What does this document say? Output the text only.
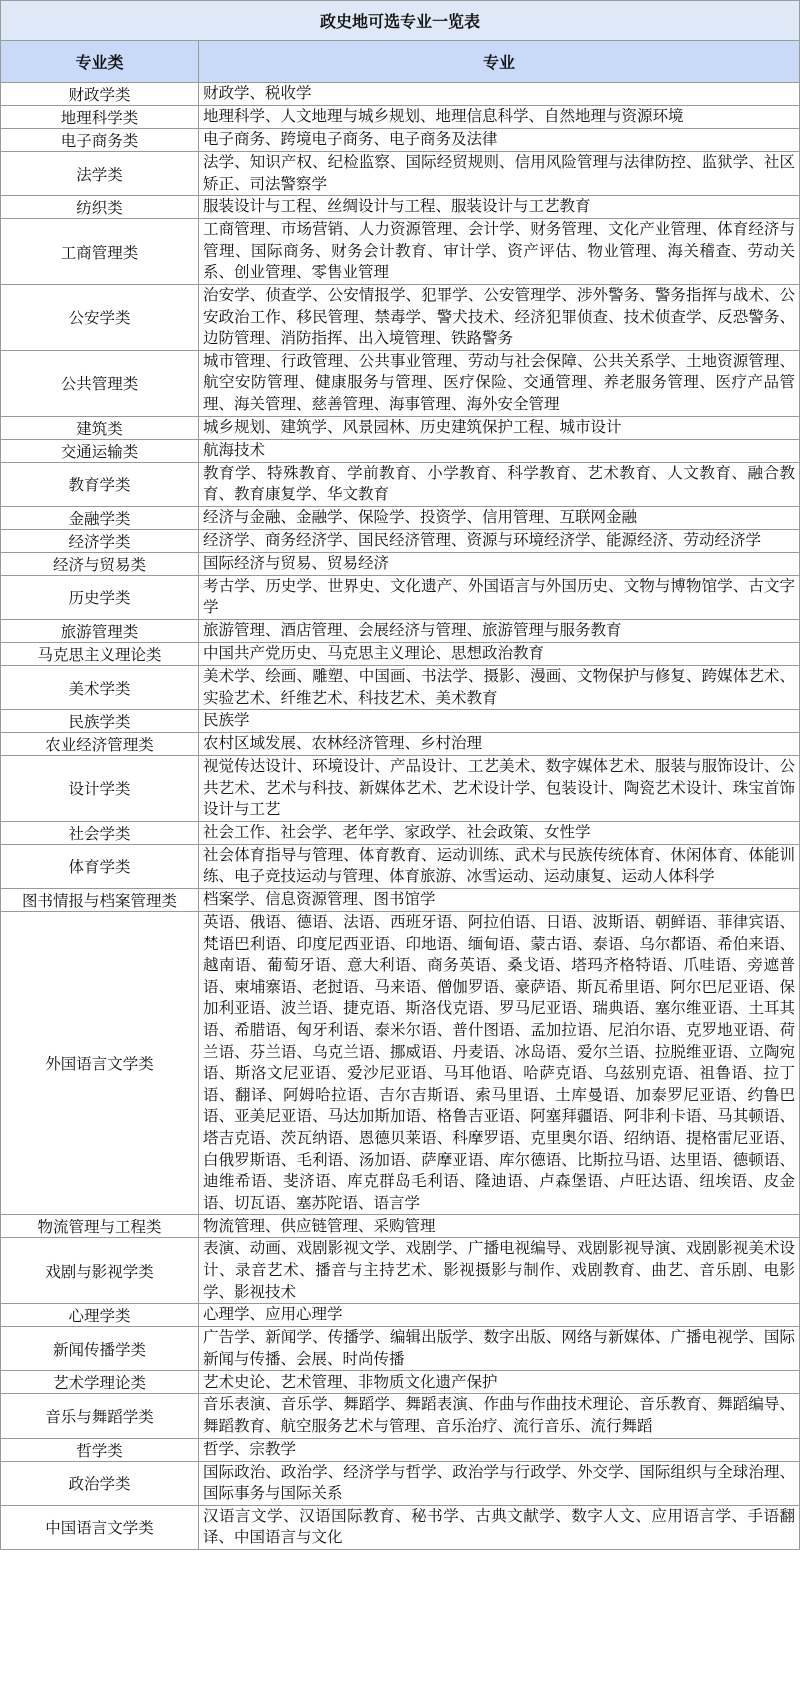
政史地可选专业一览表	
专业类	专业
财政学类	财政学、税收学
地理科学类	地理科学、人文地理与城乡规划、地理信息科学、自然地理与资源环境
电子商务类	电子商务、跨境电子商务、电子商务及法律
法学类	法学、知识产权、纪检监察、国际经贸规则、信用风险管理与法律防控、监狱学、社区矫正、司法警察学
纺织类	服装设计与工程、丝绸设计与工程、服装设计与工艺教育
工商管理类	工商管理、市场营销、人力资源管理、会计学、财务管理、文化产业管理、体育经济与管理、国际商务、财务会计教育、审计学、资产评估、物业管理、海关稽查、劳动关系、创业管理、零售业管理
公安学类	治安学、侦查学、公安情报学、犯罪学、公安管理学、涉外警务、警务指挥与战术、公安政治工作、移民管理、禁毒学、警犬技术、经济犯罪侦查、技术侦查学、反恐警务、边防管理、消防指挥、出入境管理、铁路警务
公共管理类	城市管理、行政管理、公共事业管理、劳动与社会保障、公共关系学、土地资源管理、航空安防管理、健康服务与管理、医疗保险、交通管理、养老服务管理、医疗产品管理、海关管理、慈善管理、海事管理、海外安全管理
建筑类	城乡规划、建筑学、风景园林、历史建筑保护工程、城市设计
交通运输类	航海技术
教育学类	教育学、特殊教育、学前教育、小学教育、科学教育、艺术教育、人文教育、融合教育、教育康复学、华文教育
金融学类	经济与金融、金融学、保险学、投资学、信用管理、互联网金融
经济学类	经济学、商务经济学、国民经济管理、资源与环境经济学、能源经济、劳动经济学
经济与贸易类	国际经济与贸易、贸易经济
历史学类	考古学、历史学、世界史、文化遗产、外国语言与外国历史、文物与博物馆学、古文字学
旅游管理类	旅游管理、酒店管理、会展经济与管理、旅游管理与服务教育
马克思主义理论类	中国共产党历史、马克思主义理论、思想政治教育
美术学类	美术学、绘画、雕塑、中国画、书法学、摄影、漫画、文物保护与修复、跨媒体艺术、实验艺术、纤维艺术、科技艺术、美术教育
民族学类	民族学
农业经济管理类	农村区域发展、农林经济管理、乡村治理
设计学类	视觉传达设计、环境设计、产品设计、工艺美术、数字媒体艺术、服装与服饰设计、公共艺术、艺术与科技、新媒体艺术、艺术设计学、包装设计、陶瓷艺术设计、珠宝首饰设计与工艺
社会学类	社会工作、社会学、老年学、家政学、社会政策、女性学
体育学类	社会体育指导与管理、体育教育、运动训练、武术与民族传统体育、休闲体育、体能训练、电子竞技运动与管理、体育旅游、冰雪运动、运动康复、运动人体科学
图书情报与档案管理类	档案学、信息资源管理、图书馆学
外国语言文学类	英语、俄语、德语、法语、西班牙语、阿拉伯语、日语、波斯语、朝鲜语、菲律宾语、梵语巴利语、印度尼西亚语、印地语、缅甸语、蒙古语、泰语、乌尔都语、希伯来语、越南语、葡萄牙语、意大利语、商务英语、桑戈语、塔玛齐格特语、爪哇语、旁遮普语、柬埔寨语、老挝语、马来语、僧伽罗语、豪萨语、斯瓦希里语、阿尔巴尼亚语、保加利亚语、波兰语、捷克语、斯洛伐克语、罗马尼亚语、瑞典语、塞尔维亚语、土耳其语、希腊语、匈牙利语、泰米尔语、普什图语、孟加拉语、尼泊尔语、克罗地亚语、荷兰语、芬兰语、乌克兰语、挪威语、丹麦语、冰岛语、爱尔兰语、拉脱维亚语、立陶宛语、斯洛文尼亚语、爱沙尼亚语、马耳他语、哈萨克语、乌兹别克语、祖鲁语、拉丁语、翻译、阿姆哈拉语、吉尔吉斯语、索马里语、土库曼语、加泰罗尼亚语、约鲁巴语、亚美尼亚语、马达加斯加语、格鲁吉亚语、阿塞拜疆语、阿非利卡语、马其顿语、塔吉克语、茨瓦纳语、恩德贝莱语、科摩罗语、克里奥尔语、绍纳语、提格雷尼亚语、白俄罗斯语、毛利语、汤加语、萨摩亚语、库尔德语、比斯拉马语、达里语、德顿语、迪维希语、斐济语、库克群岛毛利语、隆迪语、卢森堡语、卢旺达语、纽埃语、皮金语、切瓦语、塞苏陀语、语言学
物流管理与工程类	物流管理、供应链管理、采购管理
戏剧与影视学类	表演、动画、戏剧影视文学、戏剧学、广播电视编导、戏剧影视导演、戏剧影视美术设计、录音艺术、播音与主持艺术、影视摄影与制作、戏剧教育、曲艺、音乐剧、电影学、影视技术
心理学类	心理学、应用心理学
新闻传播学类	广告学、新闻学、传播学、编辑出版学、数字出版、网络与新媒体、广播电视学、国际新闻与传播、会展、时尚传播
艺术学理论类	艺术史论、艺术管理、非物质文化遗产保护
音乐与舞蹈学类	音乐表演、音乐学、舞蹈学、舞蹈表演、作曲与作曲技术理论、音乐教育、舞蹈编导、舞蹈教育、航空服务艺术与管理、音乐治疗、流行音乐、流行舞蹈
哲学类	哲学、宗教学
政治学类	国际政治、政治学、经济学与哲学、政治学与行政学、外交学、国际组织与全球治理、国际事务与国际关系
中国语言文学类	汉语言文学、汉语国际教育、秘书学、古典文献学、数字人文、应用语言学、手语翻译、中国语言与文化
